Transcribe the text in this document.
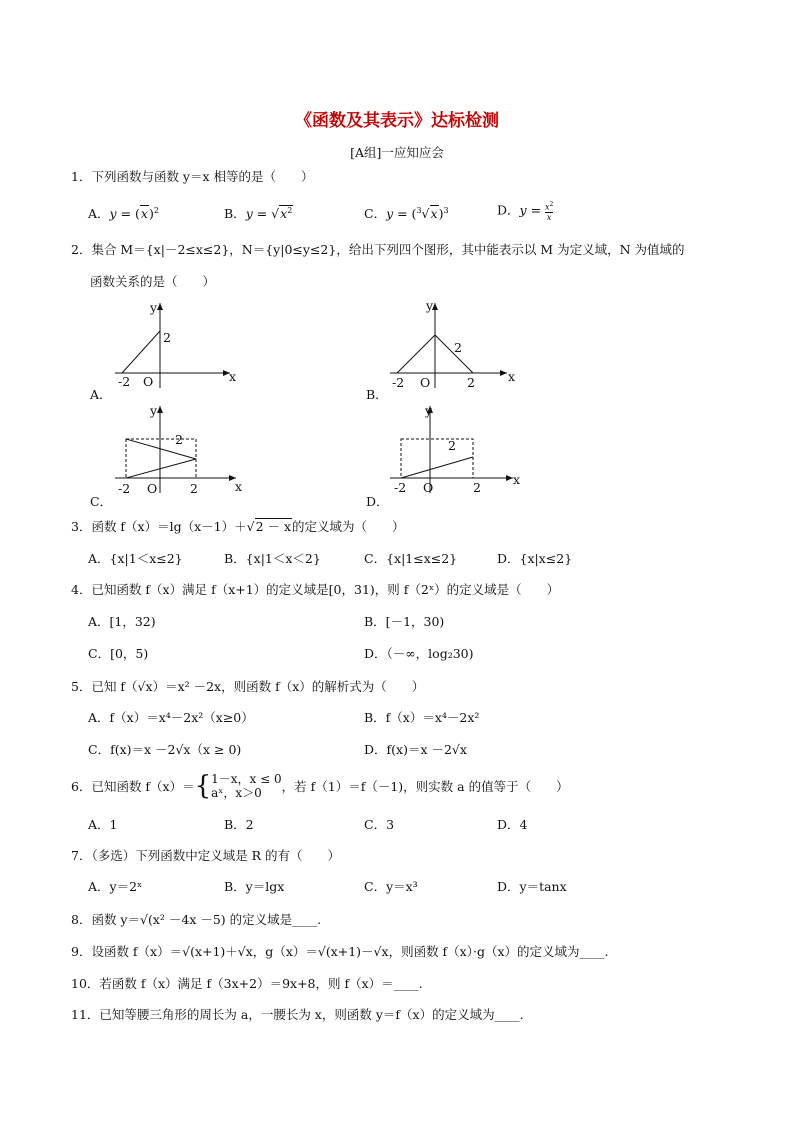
《函数及其表示》达标检测
[A组]一应知应会
1．下列函数与函数 y＝x 相等的是（　　）
A．$y = (x)^2$	B．$y = √x^2$	C．$y = (^3√x)^3$	D．$y = \frac{x^2}{x}$
2．集合 M＝{x|－2≤x≤2}，N＝{y|0≤y≤2}，给出下列四个图形，其中能表示以 M 为定义域，N 为值域的
函数关系的是（　　）
y
2
x
-2 O
A．
y
2
x
-2 O	2
B．
y
2
x
-2 O	2
C．
y
2
x
-2 O	2
D．
3．函数 f（x）＝lg（x－1）＋√2 － x的定义域为（　　）
A．{x|1＜x≤2}	B．{x|1＜x＜2}	C．{x|1≤x≤2}	D．{x|x≤2}
4．已知函数 f（x）满足 f（x+1）的定义域是[0，31)，则 f（2ˣ）的定义域是（　　）
A．[1，32)	B．[－1，30)
C．[0，5)	D．（－∞，log₂30)
5．已知 f（√x）＝x² －2x，则函数 f（x）的解析式为（　　）
A．f（x）＝x⁴－2x²（x≥0）	B．f（x）＝x⁴－2x²
C．f(x)＝x －2√x（x ≥ 0)	D．f(x)＝x －2√x
6．已知函数 f（x）＝{ 1－x，x ≤ 0
aˣ，x＞0	，若 f（1）＝f（－1)，则实数 a 的值等于（　　）
A．1	B．2	C．3	D．4
7．（多选）下列函数中定义域是 R 的有（　　）
A．y＝2ˣ	B．y＝lgx	C．y＝x³	D．y＝tanx
8．函数 y＝√(x² －4x －5) 的定义域是____.
9．设函数 f（x）＝√(x+1)＋√x，g（x）＝√(x+1)－√x，则函数 f（x）·g（x）的定义域为____.
10．若函数 f（x）满足 f（3x+2）＝9x+8，则 f（x）＝____.
11．已知等腰三角形的周长为 a，一腰长为 x，则函数 y＝f（x）的定义域为____.
